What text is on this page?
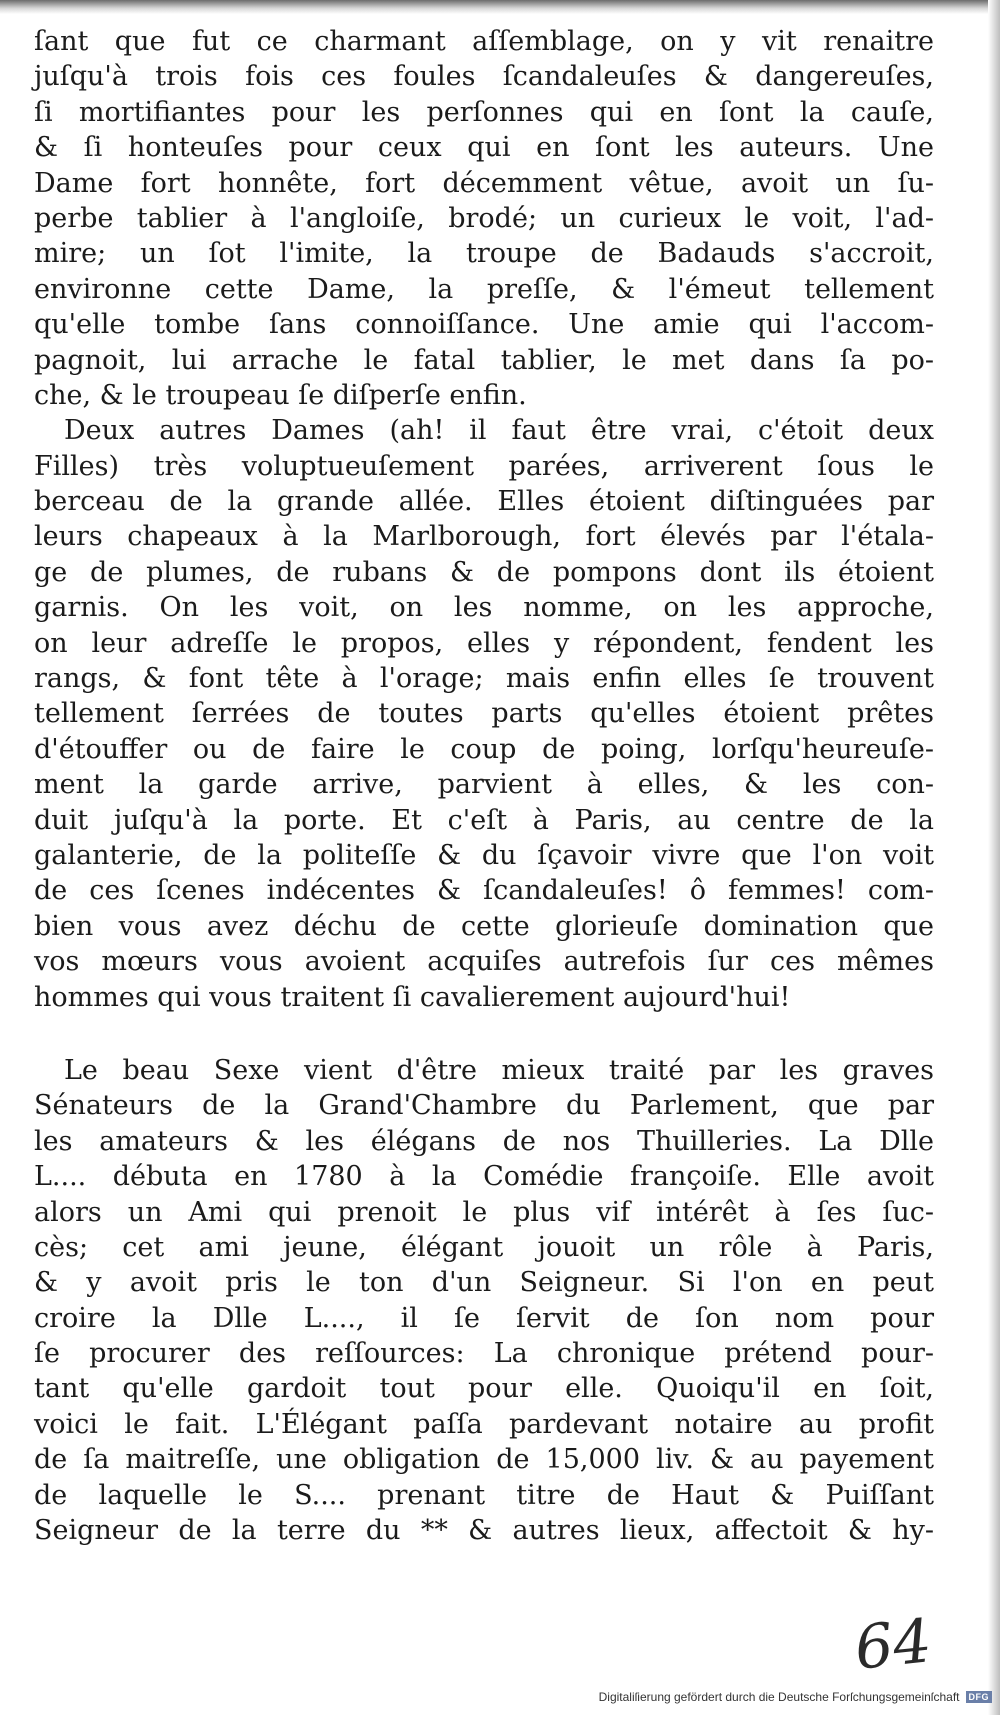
ſant que fut ce charmant aſſemblage, on y vit renaitre
juſqu'à trois fois ces foules ſcandaleuſes & dangereuſes,
ſi mortifiantes pour les perſonnes qui en ſont la cauſe,
& ſi honteuſes pour ceux qui en ſont les auteurs. Une
Dame fort honnête, fort décemment vêtue, avoit un ſu-
perbe tablier à l'angloiſe, brodé; un curieux le voit, l'ad-
mire; un ſot l'imite, la troupe de Badauds s'accroit,
environne cette Dame, la preſſe, & l'émeut tellement
qu'elle tombe ſans connoiſſance. Une amie qui l'accom-
pagnoit, lui arrache le fatal tablier, le met dans ſa po-
che, & le troupeau ſe diſperſe enfin.
Deux autres Dames (ah! il faut être vrai, c'étoit deux
Filles) très voluptueuſement parées, arriverent ſous le
berceau de la grande allée. Elles étoient diſtinguées par
leurs chapeaux à la Marlborough, fort élevés par l'étala-
ge de plumes, de rubans & de pompons dont ils étoient
garnis. On les voit, on les nomme, on les approche,
on leur adreſſe le propos, elles y répondent, fendent les
rangs, & font tête à l'orage; mais enfin elles ſe trouvent
tellement ſerrées de toutes parts qu'elles étoient prêtes
d'étouffer ou de faire le coup de poing, lorſqu'heureuſe-
ment la garde arrive, parvient à elles, & les con-
duit juſqu'à la porte. Et c'eſt à Paris, au centre de la
galanterie, de la politeſſe & du ſçavoir vivre que l'on voit
de ces ſcenes indécentes & ſcandaleuſes! ô femmes! com-
bien vous avez déchu de cette glorieuſe domination que
vos mœurs vous avoient acquiſes autrefois ſur ces mêmes
hommes qui vous traitent ſi cavalierement aujourd'hui!
Le beau Sexe vient d'être mieux traité par les graves
Sénateurs de la Grand'Chambre du Parlement, que par
les amateurs & les élégans de nos Thuilleries. La Dlle
L.... débuta en 1780 à la Comédie françoiſe. Elle avoit
alors un Ami qui prenoit le plus vif intérêt à ſes ſuc-
cès; cet ami jeune, élégant jouoit un rôle à Paris,
& y avoit pris le ton d'un Seigneur. Si l'on en peut
croire la Dlle L...., il ſe ſervit de ſon nom pour
ſe procurer des reſſources: La chronique prétend pour-
tant qu'elle gardoit tout pour elle. Quoiqu'il en ſoit,
voici le fait. L'Élégant paſſa pardevant notaire au profit
de ſa maitreſſe, une obligation de 15,000 liv. & au payement
de laquelle le S.... prenant titre de Haut & Puiſſant
Seigneur de la terre du ** & autres lieux, affectoit & hy-
64
Digitaliſierung gefördert durch die Deutsche Forſchungsgemeinſchaft	DFG
